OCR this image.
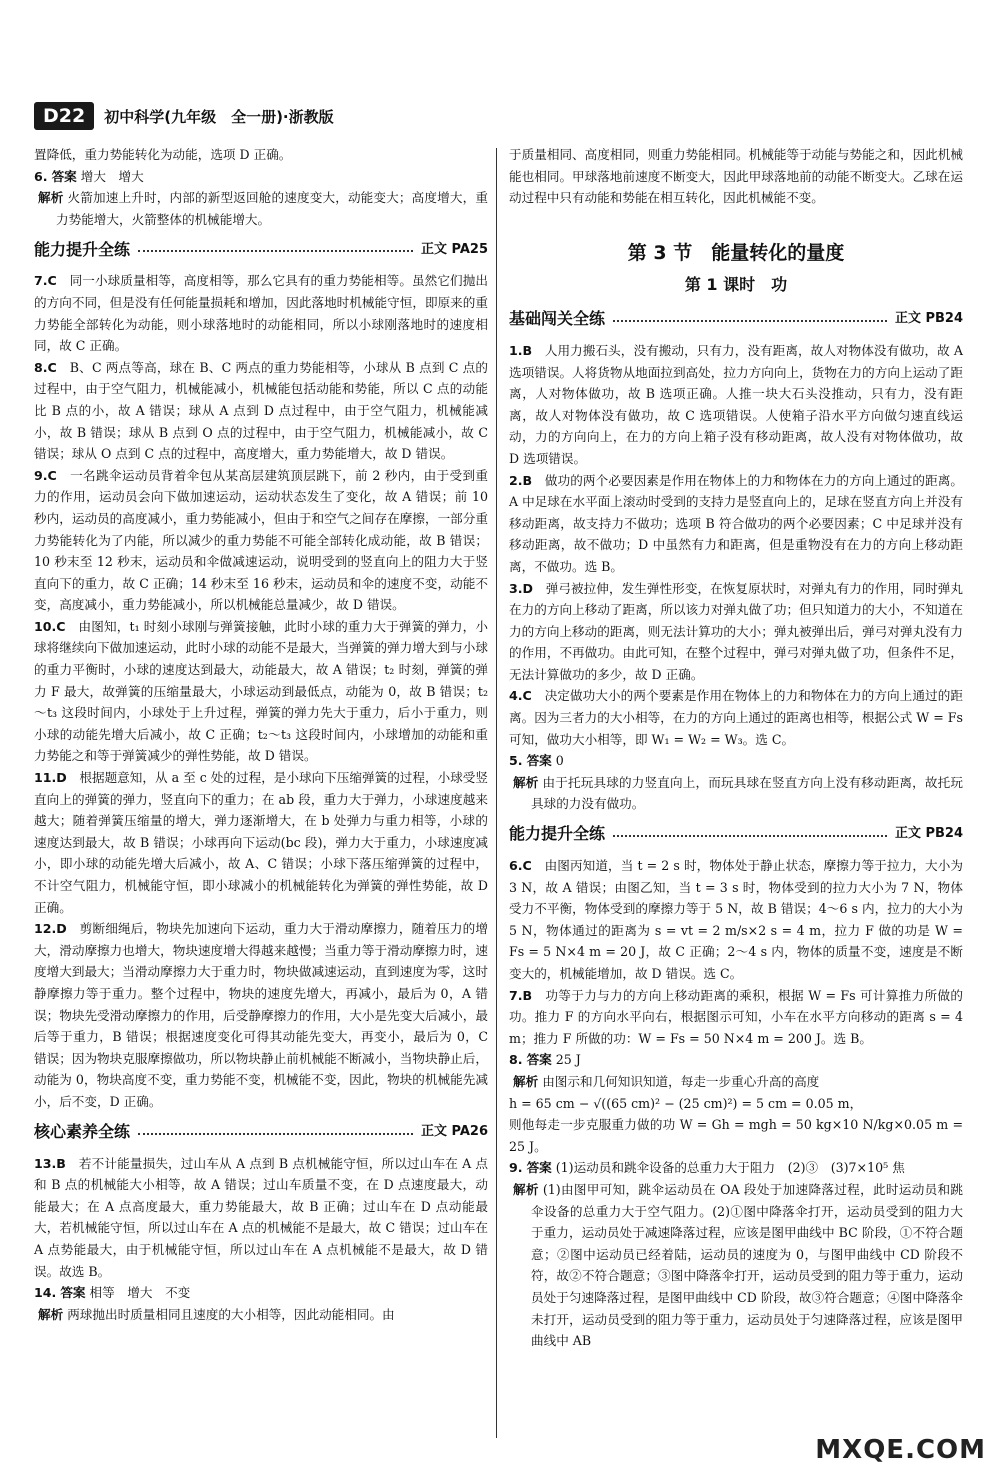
D22	初中科学(九年级　全一册)·浙教版

置降低，重力势能转化为动能，选项 D 正确。

6. 答案 增大　增大

解析 火箭加速上升时，内部的新型返回舱的速度变大，动能变大；高度增大，重力势能增大，火箭整体的机械能增大。

能力提升全练	正文 PA25

7.C　 同一小球质量相等，高度相等，那么它具有的重力势能相等。虽然它们抛出的方向不同，但是没有任何能量损耗和增加，因此落地时机械能守恒，即原来的重力势能全部转化为动能，则小球落地时的动能相同，所以小球刚落地时的速度相同，故 C 正确。

8.C　 B、C 两点等高，球在 B、C 两点的重力势能相等，小球从 B 点到 C 点的过程中，由于空气阻力，机械能减小，机械能包括动能和势能，所以 C 点的动能比 B 点的小，故 A 错误；球从 A 点到 D 点过程中，由于空气阻力，机械能减小，故 B 错误；球从 B 点到 O 点的过程中，由于空气阻力，机械能减小，故 C 错误；球从 O 点到 C 点的过程中，高度增大，重力势能增大，故 D 错误。

9.C　 一名跳伞运动员背着伞包从某高层建筑顶层跳下，前 2 秒内，由于受到重力的作用，运动员会向下做加速运动，运动状态发生了变化，故 A 错误；前 10 秒内，运动员的高度减小，重力势能减小，但由于和空气之间存在摩擦，一部分重力势能转化为了内能，所以减少的重力势能不可能全部转化成动能，故 B 错误；10 秒末至 12 秒末，运动员和伞做减速运动，说明受到的竖直向上的阻力大于竖直向下的重力，故 C 正确；14 秒末至 16 秒末，运动员和伞的速度不变，动能不变，高度减小，重力势能减小，所以机械能总量减少，故 D 错误。

10.C　 由图知，t₁ 时刻小球刚与弹簧接触，此时小球的重力大于弹簧的弹力，小球将继续向下做加速运动，此时小球的动能不是最大，当弹簧的弹力增大到与小球的重力平衡时，小球的速度达到最大，动能最大，故 A 错误；t₂ 时刻，弹簧的弹力 F 最大，故弹簧的压缩量最大，小球运动到最低点，动能为 0，故 B 错误；t₂～t₃ 这段时间内，小球处于上升过程，弹簧的弹力先大于重力，后小于重力，则小球的动能先增大后减小，故 C 正确；t₂～t₃ 这段时间内，小球增加的动能和重力势能之和等于弹簧减少的弹性势能，故 D 错误。

11.D　 根据题意知，从 a 至 c 处的过程，是小球向下压缩弹簧的过程，小球受竖直向上的弹簧的弹力，竖直向下的重力；在 ab 段，重力大于弹力，小球速度越来越大；随着弹簧压缩量的增大，弹力逐渐增大，在 b 处弹力与重力相等，小球的速度达到最大，故 B 错误；小球再向下运动(bc 段)，弹力大于重力，小球速度减小，即小球的动能先增大后减小，故 A、C 错误；小球下落压缩弹簧的过程中，不计空气阻力，机械能守恒，即小球减小的机械能转化为弹簧的弹性势能，故 D 正确。

12.D　 剪断细绳后，物块先加速向下运动，重力大于滑动摩擦力，随着压力的增大，滑动摩擦力也增大，物块速度增大得越来越慢；当重力等于滑动摩擦力时，速度增大到最大；当滑动摩擦力大于重力时，物块做减速运动，直到速度为零，这时静摩擦力等于重力。整个过程中，物块的速度先增大，再减小，最后为 0，A 错误；物块先受滑动摩擦力的作用，后受静摩擦力的作用，大小是先变大后减小，最后等于重力，B 错误；根据速度变化可得其动能先变大，再变小，最后为 0，C 错误；因为物块克服摩擦做功，所以物块静止前机械能不断减小，当物块静止后，动能为 0，物块高度不变，重力势能不变，机械能不变，因此，物块的机械能先减小，后不变，D 正确。

核心素养全练	正文 PA26

13.B　 若不计能量损失，过山车从 A 点到 B 点机械能守恒，所以过山车在 A 点和 B 点的机械能大小相等，故 A 错误；过山车质量不变，在 D 点速度最大，动能最大；在 A 点高度最大，重力势能最大，故 B 正确；过山车在 D 点动能最大，若机械能守恒，所以过山车在 A 点的机械能不是最大，故 C 错误；过山车在 A 点势能最大，由于机械能守恒，所以过山车在 A 点机械能不是最大，故 D 错误。故选 B。

14. 答案 相等　增大　不变

解析 两球抛出时质量相同且速度的大小相等，因此动能相同。由

于质量相同、高度相同，则重力势能相同。机械能等于动能与势能之和，因此机械能也相同。甲球落地前速度不断变大，因此甲球落地前的动能不断变大。乙球在运动过程中只有动能和势能在相互转化，因此机械能不变。

第 3 节　能量转化的量度
第 1 课时　功
基础闯关全练	正文 PB24

1.B　 人用力搬石头，没有搬动，只有力，没有距离，故人对物体没有做功，故 A 选项错误。人将货物从地面拉到高处，拉力方向向上，货物在力的方向上运动了距离，人对物体做功，故 B 选项正确。人推一块大石头没推动，只有力，没有距离，故人对物体没有做功，故 C 选项错误。人使箱子沿水平方向做匀速直线运动，力的方向向上，在力的方向上箱子没有移动距离，故人没有对物体做功，故 D 选项错误。

2.B　 做功的两个必要因素是作用在物体上的力和物体在力的方向上通过的距离。A 中足球在水平面上滚动时受到的支持力是竖直向上的，足球在竖直方向上并没有移动距离，故支持力不做功；选项 B 符合做功的两个必要因素；C 中足球并没有移动距离，故不做功；D 中虽然有力和距离，但是重物没有在力的方向上移动距离，不做功。选 B。

3.D　 弹弓被拉伸，发生弹性形变，在恢复原状时，对弹丸有力的作用，同时弹丸在力的方向上移动了距离，所以该力对弹丸做了功；但只知道力的大小，不知道在力的方向上移动的距离，则无法计算功的大小；弹丸被弹出后，弹弓对弹丸没有力的作用，不再做功。由此可知，在整个过程中，弹弓对弹丸做了功，但条件不足，无法计算做功的多少，故 D 正确。

4.C　 决定做功大小的两个要素是作用在物体上的力和物体在力的方向上通过的距离。因为三者力的大小相等，在力的方向上通过的距离也相等，根据公式 W = Fs 可知，做功大小相等，即 W₁ = W₂ = W₃。选 C。

5. 答案 0

解析 由于托玩具球的力竖直向上，而玩具球在竖直方向上没有移动距离，故托玩具球的力没有做功。

能力提升全练	正文 PB24

6.C　 由图丙知道，当 t = 2 s 时，物体处于静止状态，摩擦力等于拉力，大小为 3 N，故 A 错误；由图乙知，当 t = 3 s 时，物体受到的拉力大小为 7 N，物体受力不平衡，物体受到的摩擦力等于 5 N，故 B 错误；4～6 s 内，拉力的大小为 5 N，物体通过的距离为 s = vt = 2 m/s×2 s = 4 m，拉力 F 做的功是 W = Fs = 5 N×4 m = 20 J，故 C 正确；2～4 s 内，物体的质量不变，速度是不断变大的，机械能增加，故 D 错误。选 C。

7.B　 功等于力与力的方向上移动距离的乘积，根据 W = Fs 可计算推力所做的功。推力 F 的方向水平向右，根据图示可知，小车在水平方向移动的距离 s = 4 m；推力 F 所做的功：W = Fs = 50 N×4 m = 200 J。选 B。

8. 答案 25 J

解析 由图示和几何知识知道，每走一步重心升高的高度

h = 65 cm − √((65 cm)² − (25 cm)²) = 5 cm = 0.05 m，

则他每走一步克服重力做的功 W = Gh = mgh = 50 kg×10 N/kg×0.05 m = 25 J。

9. 答案 (1)运动员和跳伞设备的总重力大于阻力　(2)③　(3)7×10⁵ 焦

解析 (1)由图甲可知，跳伞运动员在 OA 段处于加速降落过程，此时运动员和跳伞设备的总重力大于空气阻力。(2)①图中降落伞打开，运动员受到的阻力大于重力，运动员处于减速降落过程，应该是图甲曲线中 BC 阶段，①不符合题意；②图中运动员已经着陆，运动员的速度为 0，与图甲曲线中 CD 阶段不符，故②不符合题意；③图中降落伞打开，运动员受到的阻力等于重力，运动员处于匀速降落过程，是图甲曲线中 CD 阶段，故③符合题意；④图中降落伞未打开，运动员受到的阻力等于重力，运动员处于匀速降落过程，应该是图甲曲线中 AB

MXQE.COM
